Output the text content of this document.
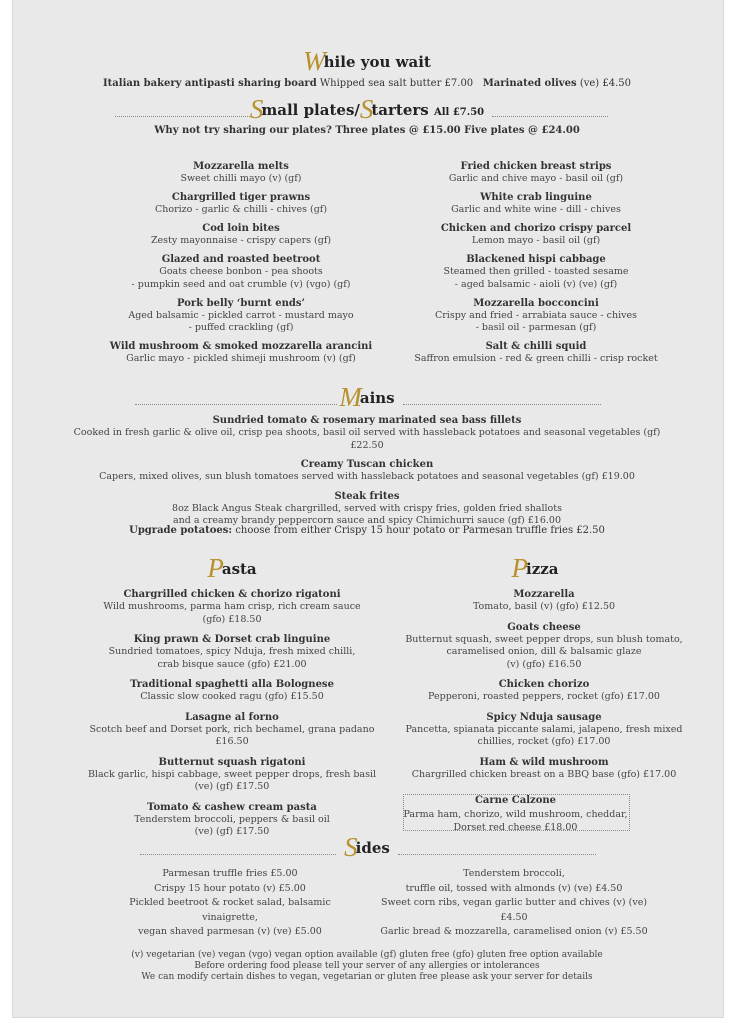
While you wait
Italian bakery antipasti sharing board Whipped sea salt butter £7.00 Marinated olives (ve) £4.50
Small plates/Starters All £7.50
Why not try sharing our plates? Three plates @ £15.00 Five plates @ £24.00
Mozzarella melts
Sweet chilli mayo (v) (gf)
Chargrilled tiger prawns
Chorizo - garlic & chilli - chives (gf)
Cod loin bites
Zesty mayonnaise - crispy capers (gf)
Glazed and roasted beetroot
Goats cheese bonbon - pea shoots
- pumpkin seed and oat crumble (v) (vgo) (gf)
Pork belly ‘burnt ends’
Aged balsamic - pickled carrot - mustard mayo
- puffed crackling (gf)
Wild mushroom & smoked mozzarella arancini
Garlic mayo - pickled shimeji mushroom (v) (gf)
Fried chicken breast strips
Garlic and chive mayo - basil oil (gf)
White crab linguine
Garlic and white wine - dill - chives
Chicken and chorizo crispy parcel
Lemon mayo - basil oil (gf)
Blackened hispi cabbage
Steamed then grilled - toasted sesame
- aged balsamic - aioli (v) (ve) (gf)
Mozzarella bocconcini
Crispy and fried - arrabiata sauce - chives
- basil oil - parmesan (gf)
Salt & chilli squid
Saffron emulsion - red & green chilli - crisp rocket
Mains
Sundried tomato & rosemary marinated sea bass fillets
Cooked in fresh garlic & olive oil, crisp pea shoots, basil oil served with hassleback potatoes and seasonal vegetables (gf) £22.50
Creamy Tuscan chicken
Capers, mixed olives, sun blush tomatoes served with hassleback potatoes and seasonal vegetables (gf) £19.00
Steak frites
8oz Black Angus Steak chargrilled, served with crispy fries, golden fried shallots
and a creamy brandy peppercorn sauce and spicy Chimichurri sauce (gf) £16.00
Upgrade potatoes: choose from either Crispy 15 hour potato or Parmesan truffle fries £2.50
Pasta	Pizza
Chargrilled chicken & chorizo rigatoni
Wild mushrooms, parma ham crisp, rich cream sauce
(gfo) £18.50
King prawn & Dorset crab linguine
Sundried tomatoes, spicy Nduja, fresh mixed chilli,
crab bisque sauce (gfo) £21.00
Traditional spaghetti alla Bolognese
Classic slow cooked ragu (gfo) £15.50
Lasagne al forno
Scotch beef and Dorset pork, rich bechamel, grana padano £16.50
Butternut squash rigatoni
Black garlic, hispi cabbage, sweet pepper drops, fresh basil
(ve) (gf) £17.50
Tomato & cashew cream pasta
Tenderstem broccoli, peppers & basil oil
(ve) (gf) £17.50
Mozzarella
Tomato, basil (v) (gfo) £12.50
Goats cheese
Butternut squash, sweet pepper drops, sun blush tomato,
caramelised onion, dill & balsamic glaze
(v) (gfo) £16.50
Chicken chorizo
Pepperoni, roasted peppers, rocket (gfo) £17.00
Spicy Nduja sausage
Pancetta, spianata piccante salami, jalapeno, fresh mixed
chillies, rocket (gfo) £17.00
Ham & wild mushroom
Chargrilled chicken breast on a BBQ base (gfo) £17.00
Carne Calzone
Parma ham, chorizo, wild mushroom, cheddar,
Dorset red cheese £18.00
Sides
Parmesan truffle fries £5.00
Crispy 15 hour potato (v) £5.00
Pickled beetroot & rocket salad, balsamic vinaigrette,
vegan shaved parmesan (v) (ve) £5.00
Tenderstem broccoli,
truffle oil, tossed with almonds (v) (ve) £4.50
Sweet corn ribs, vegan garlic butter and chives (v) (ve) £4.50
Garlic bread & mozzarella, caramelised onion (v) £5.50
(v) vegetarian (ve) vegan (vgo) vegan option available (gf) gluten free (gfo) gluten free option available
Before ordering food please tell your server of any allergies or intolerances
We can modify certain dishes to vegan, vegetarian or gluten free please ask your server for details
